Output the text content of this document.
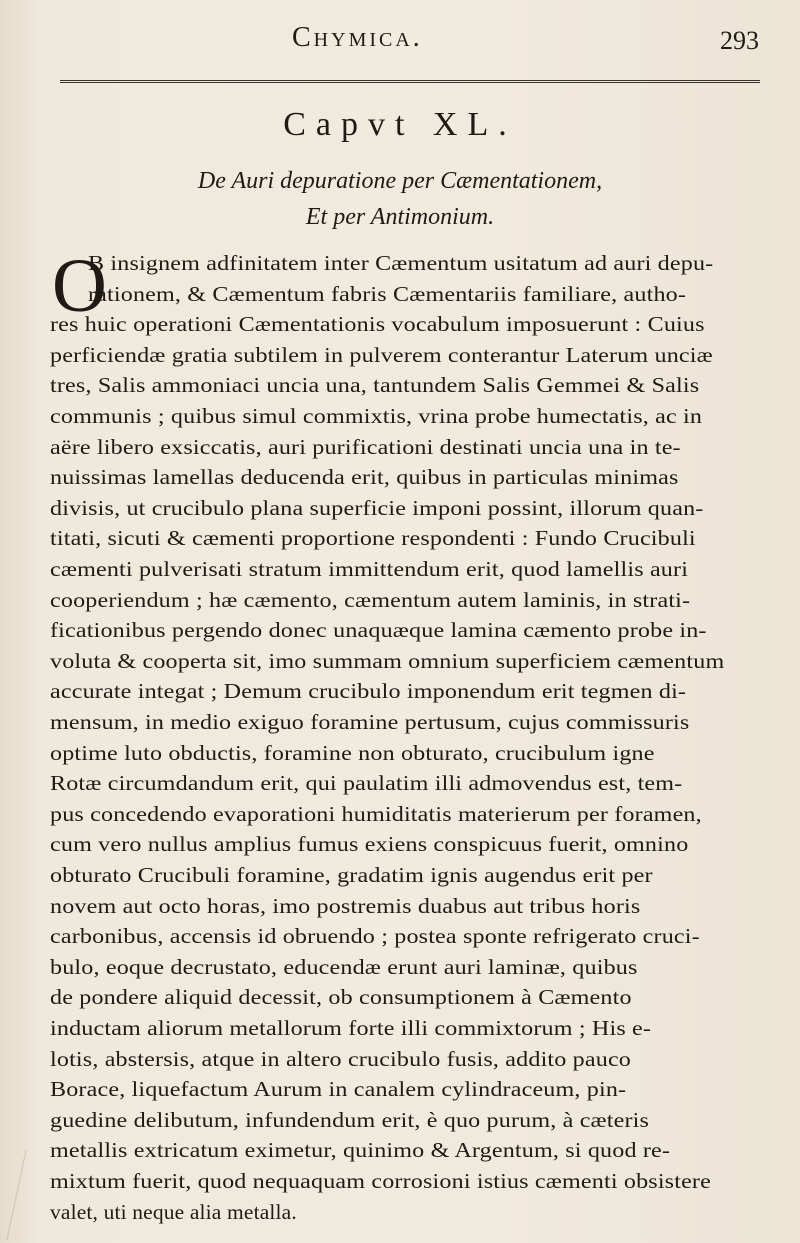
Chymica.	293
Capvt XL.
De Auri depuratione per Cæmentationem,
Et per Antimonium.
O
B insignem adfinitatem inter Cæmentum usitatum ad auri depu-
rationem, & Cæmentum fabris Cæmentariis familiare, autho-
res huic operationi Cæmentationis vocabulum imposuerunt : Cuius
perficiendæ gratia subtilem in pulverem conterantur Laterum unciæ
tres, Salis ammoniaci uncia una, tantundem Salis Gemmei & Salis
communis ; quibus simul commixtis, vrina probe humectatis, ac in
aëre libero exsiccatis, auri purificationi destinati uncia una in te-
nuissimas lamellas deducenda erit, quibus in particulas minimas
divisis, ut crucibulo plana superficie imponi possint, illorum quan-
titati, sicuti & cæmenti proportione respondenti : Fundo Crucibuli
cæmenti pulverisati stratum immittendum erit, quod lamellis auri
cooperiendum ; hæ cæmento, cæmentum autem laminis, in strati-
ficationibus pergendo donec unaquæque lamina cæmento probe in-
voluta & cooperta sit, imo summam omnium superficiem cæmentum
accurate integat ; Demum crucibulo imponendum erit tegmen di-
mensum, in medio exiguo foramine pertusum, cujus commissuris
optime luto obductis, foramine non obturato, crucibulum igne
Rotæ circumdandum erit, qui paulatim illi admovendus est, tem-
pus concedendo evaporationi humiditatis materierum per foramen,
cum vero nullus amplius fumus exiens conspicuus fuerit, omnino
obturato Crucibuli foramine, gradatim ignis augendus erit per
novem aut octo horas, imo postremis duabus aut tribus horis
carbonibus, accensis id obruendo ; postea sponte refrigerato cruci-
bulo, eoque decrustato, educendæ erunt auri laminæ, quibus
de pondere aliquid decessit, ob consumptionem à Cæmento
inductam aliorum metallorum forte illi commixtorum ; His e-
lotis, abstersis, atque in altero crucibulo fusis, addito pauco
Borace, liquefactum Aurum in canalem cylindraceum, pin-
guedine delibutum, infundendum erit, è quo purum, à cæteris
metallis extricatum eximetur, quinimo & Argentum, si quod re-
mixtum fuerit, quod nequaquam corrosioni istius cæmenti obsistere
valet, uti neque alia metalla.
